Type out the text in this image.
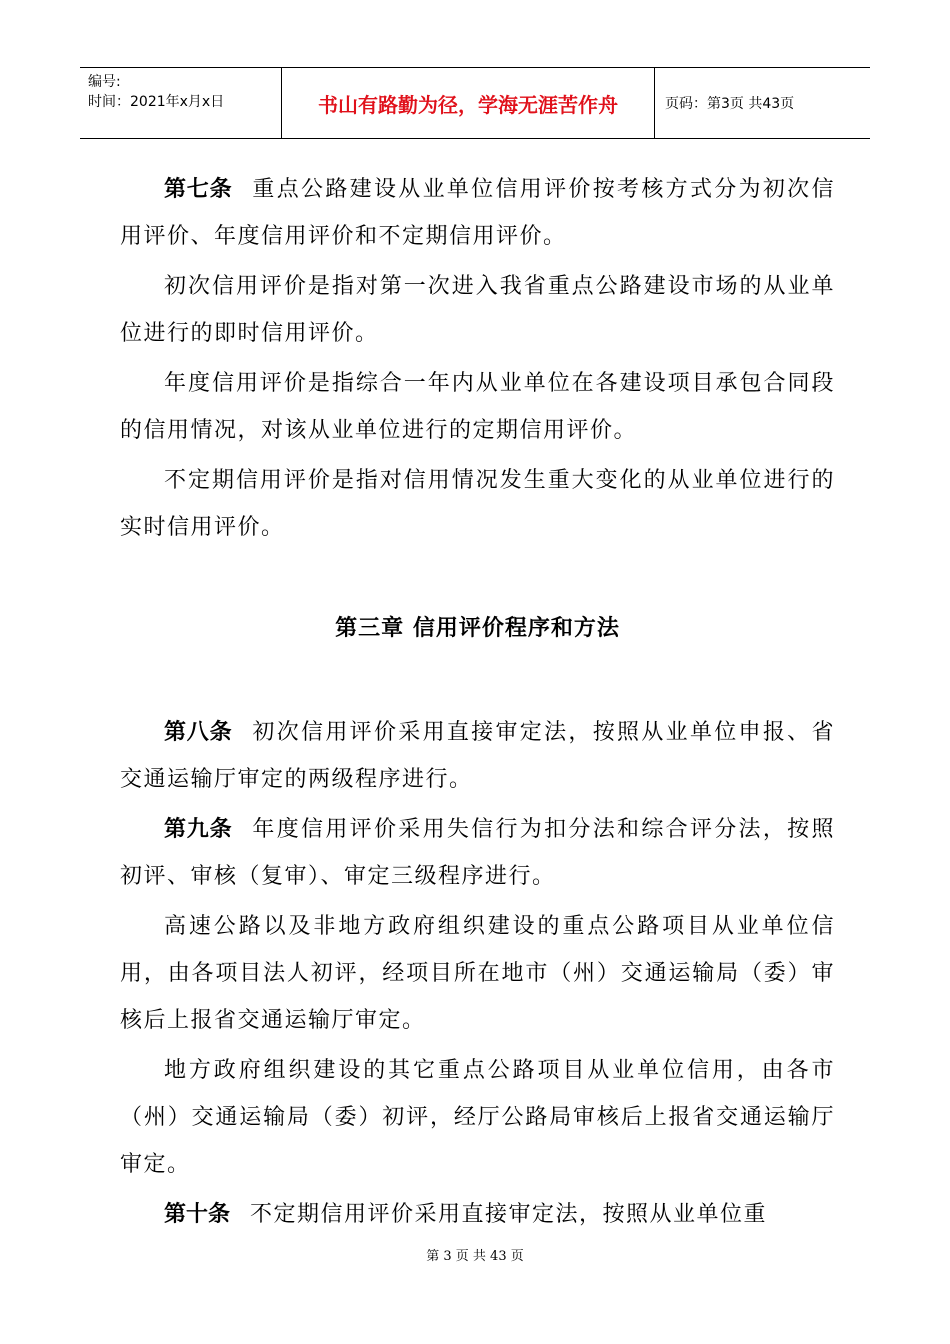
编号:
时间：2021年x月x日	书山有路勤为径，学海无涯苦作舟	页码：第3页 共43页

第七条 重点公路建设从业单位信用评价按考核方式分为初次信用评价、年度信用评价和不定期信用评价。

初次信用评价是指对第一次进入我省重点公路建设市场的从业单位进行的即时信用评价。

年度信用评价是指综合一年内从业单位在各建设项目承包合同段的信用情况，对该从业单位进行的定期信用评价。

不定期信用评价是指对信用情况发生重大变化的从业单位进行的实时信用评价。

第三章 信用评价程序和方法

第八条 初次信用评价采用直接审定法，按照从业单位申报、省交通运输厅审定的两级程序进行。

第九条 年度信用评价采用失信行为扣分法和综合评分法，按照初评、审核（复审）、审定三级程序进行。

高速公路以及非地方政府组织建设的重点公路项目从业单位信用，由各项目法人初评，经项目所在地市（州）交通运输局（委）审核后上报省交通运输厅审定。

地方政府组织建设的其它重点公路项目从业单位信用，由各市（州）交通运输局（委）初评，经厅公路局审核后上报省交通运输厅审定。

第十条 不定期信用评价采用直接审定法，按照从业单位重

第 3 页 共 43 页
